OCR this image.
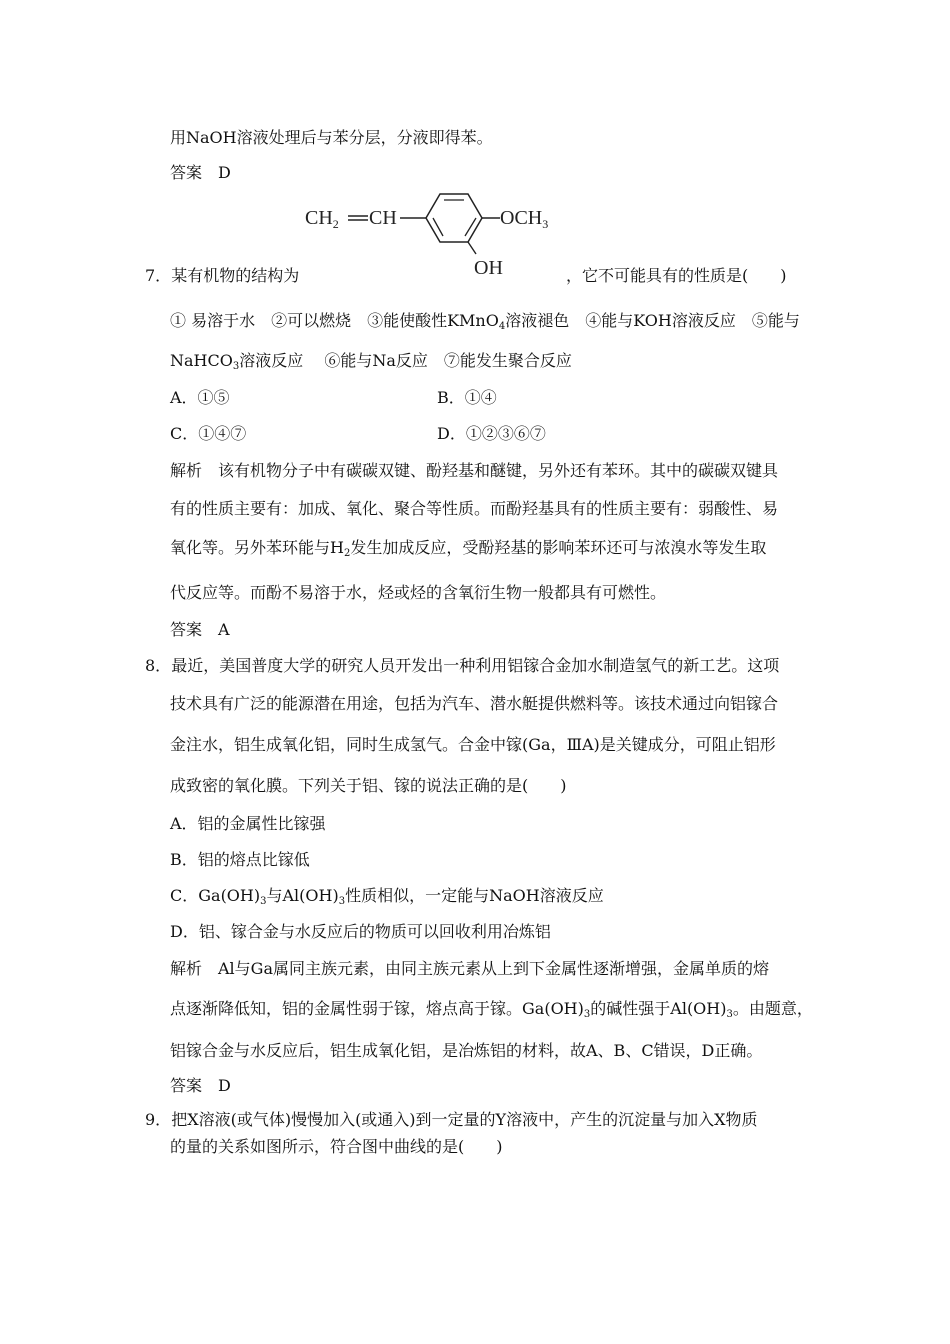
用NaOH溶液处理后与苯分层，分液即得苯。
答案　D
$CH_2$ CH	$OCH_3$
OH
7．某有机物的结构为	，它不可能具有的性质是(　　)
① 易溶于水　②可以燃烧　③能使酸性KMnO$_4$溶液褪色　④能与KOH溶液反应　⑤能与
NaHCO$_3$溶液反应　 ⑥能与Na反应　⑦能发生聚合反应
A．①⑤	B．①④
C．①④⑦	D．①②③⑥⑦
解析　该有机物分子中有碳碳双键、酚羟基和醚键，另外还有苯环。其中的碳碳双键具
有的性质主要有：加成、氧化、聚合等性质。而酚羟基具有的性质主要有：弱酸性、易
氧化等。另外苯环能与$H_2$发生加成反应，受酚羟基的影响苯环还可与浓溴水等发生取
代反应等。而酚不易溶于水，烃或烃的含氧衍生物一般都具有可燃性。
答案　A
8．最近，美国普度大学的研究人员开发出一种利用铝镓合金加水制造氢气的新工艺。这项
技术具有广泛的能源潜在用途，包括为汽车、潜水艇提供燃料等。该技术通过向铝镓合
金注水，铝生成氧化铝，同时生成氢气。合金中镓(Ga，ⅢA)是关键成分，可阻止铝形
成致密的氧化膜。下列关于铝、镓的说法正确的是(　　)
A．铝的金属性比镓强
B．铝的熔点比镓低
C．$Ga(OH)_3$与$Al(OH)_3$性质相似，一定能与NaOH溶液反应
D．铝、镓合金与水反应后的物质可以回收利用冶炼铝
解析　Al与Ga属同主族元素，由同主族元素从上到下金属性逐渐增强，金属单质的熔
点逐渐降低知，铝的金属性弱于镓，熔点高于镓。$Ga(OH)_3$的碱性强于$Al(OH)_3$。由题意，
铝镓合金与水反应后，铝生成氧化铝，是冶炼铝的材料，故A、B、C错误，D正确。
答案　D
9．把X溶液(或气体)慢慢加入(或通入)到一定量的Y溶液中，产生的沉淀量与加入X物质
的量的关系如图所示，符合图中曲线的是(　　)
